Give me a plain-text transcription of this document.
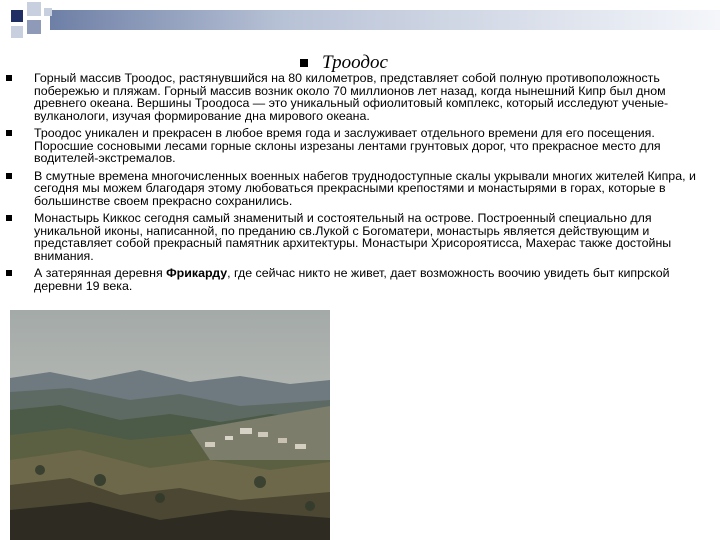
Троодос
Горный массив Троодос, растянувшийся на 80 километров, представляет собой полную противоположность побережью и пляжам. Горный массив возник около 70 миллионов лет назад, когда нынешний Кипр был дном древнего океана. Вершины Троодоса — это уникальный офиолитовый комплекс, который исследуют ученые-вулканологи, изучая формирование дна мирового океана.
Троодос уникален и прекрасен в любое время года и заслуживает отдельного времени для его посещения. Поросшие сосновыми лесами горные склоны изрезаны лентами грунтовых дорог, что прекрасное место для водителей-экстремалов.
В смутные времена многочисленных военных набегов труднодоступные скалы укрывали многих жителей Кипра, и сегодня мы можем благодаря этому любоваться прекрасными крепостями и монастырями в горах, которые в большинстве своем прекрасно сохранились.
Монастырь Киккос сегодня самый знаменитый и состоятельный на острове. Построенный специально для уникальной иконы, написанной, по преданию св.Лукой с Богоматери, монастырь является действующим и представляет собой прекрасный памятник архитектуры. Монастыри Хрисороятисса, Махерас также достойны внимания.
А затерянная деревня Фрикарду, где сейчас никто не живет, дает возможность воочию увидеть быт кипрской деревни 19 века.
